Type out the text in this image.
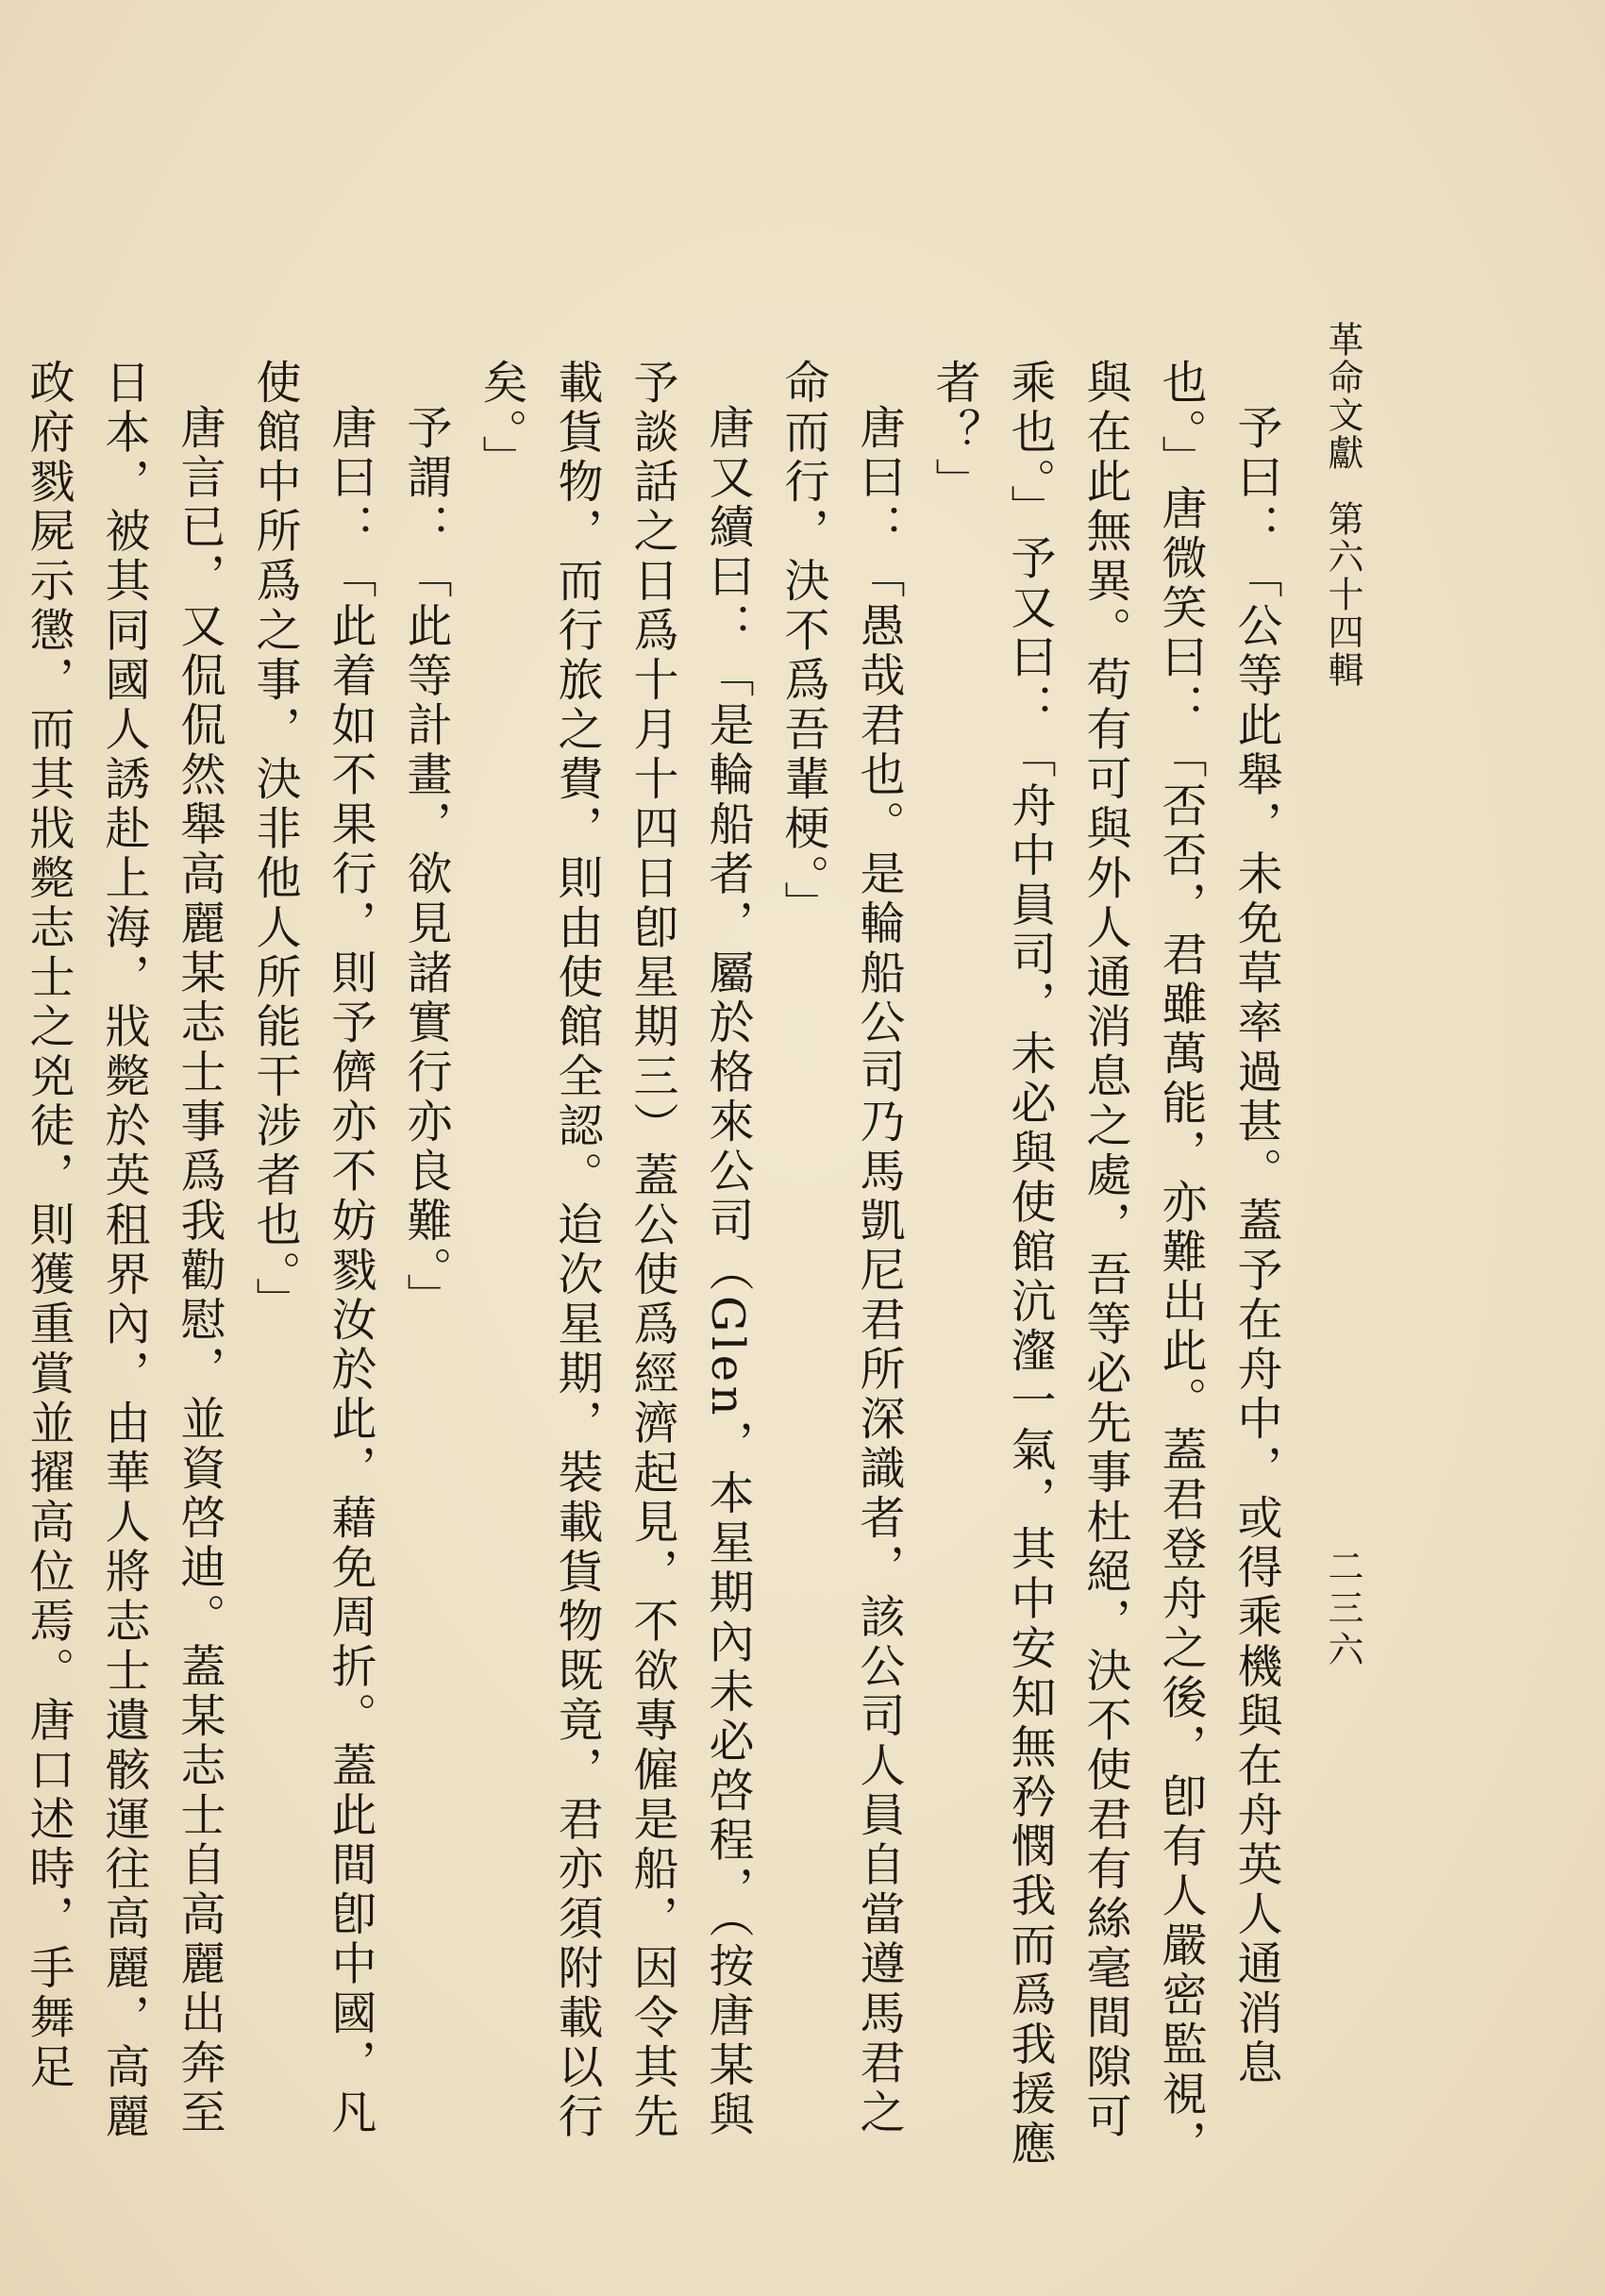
革命文獻第六十四輯
二三六

予曰：「公等此舉，未免草率過甚。蓋予在舟中，或得乘機與在舟英人通消息也。」唐微笑曰：「否否，君雖萬能，亦難出此。蓋君登舟之後，卽有人嚴密監視，與在此無異。苟有可與外人通消息之處，吾等必先事杜絕，決不使君有絲毫間隙可乘也。」予又曰：「舟中員司，未必與使館沆瀣一氣，其中安知無矜憫我而爲我援應者？」

唐曰：「愚哉君也。是輪船公司乃馬凱尼君所深識者，該公司人員自當遵馬君之命而行，決不爲吾輩梗。」

唐又續曰：「是輪船者，屬於格來公司（Glen，本星期內未必啓程，（按唐某與予談話之日爲十月十四日卽星期三）蓋公使爲經濟起見，不欲專僱是船，因令其先載貨物，而行旅之費，則由使館全認。迨次星期，裝載貨物既竟，君亦須附載以行矣。」

予謂：「此等計畫，欲見諸實行亦良難。」

唐曰：「此着如不果行，則予儕亦不妨戮汝於此，藉免周折。蓋此間卽中國，凡使館中所爲之事，決非他人所能干涉者也。」

唐言已，又侃侃然舉高麗某志士事爲我勸慰，並資啓迪。蓋某志士自高麗出奔至日本，被其同國人誘赴上海，戕斃於英租界內，由華人將志士遺骸運往高麗，高麗政府戮屍示懲，而其戕斃志士之兇徒，則獲重賞並擢高位焉。唐口述時，手舞足
